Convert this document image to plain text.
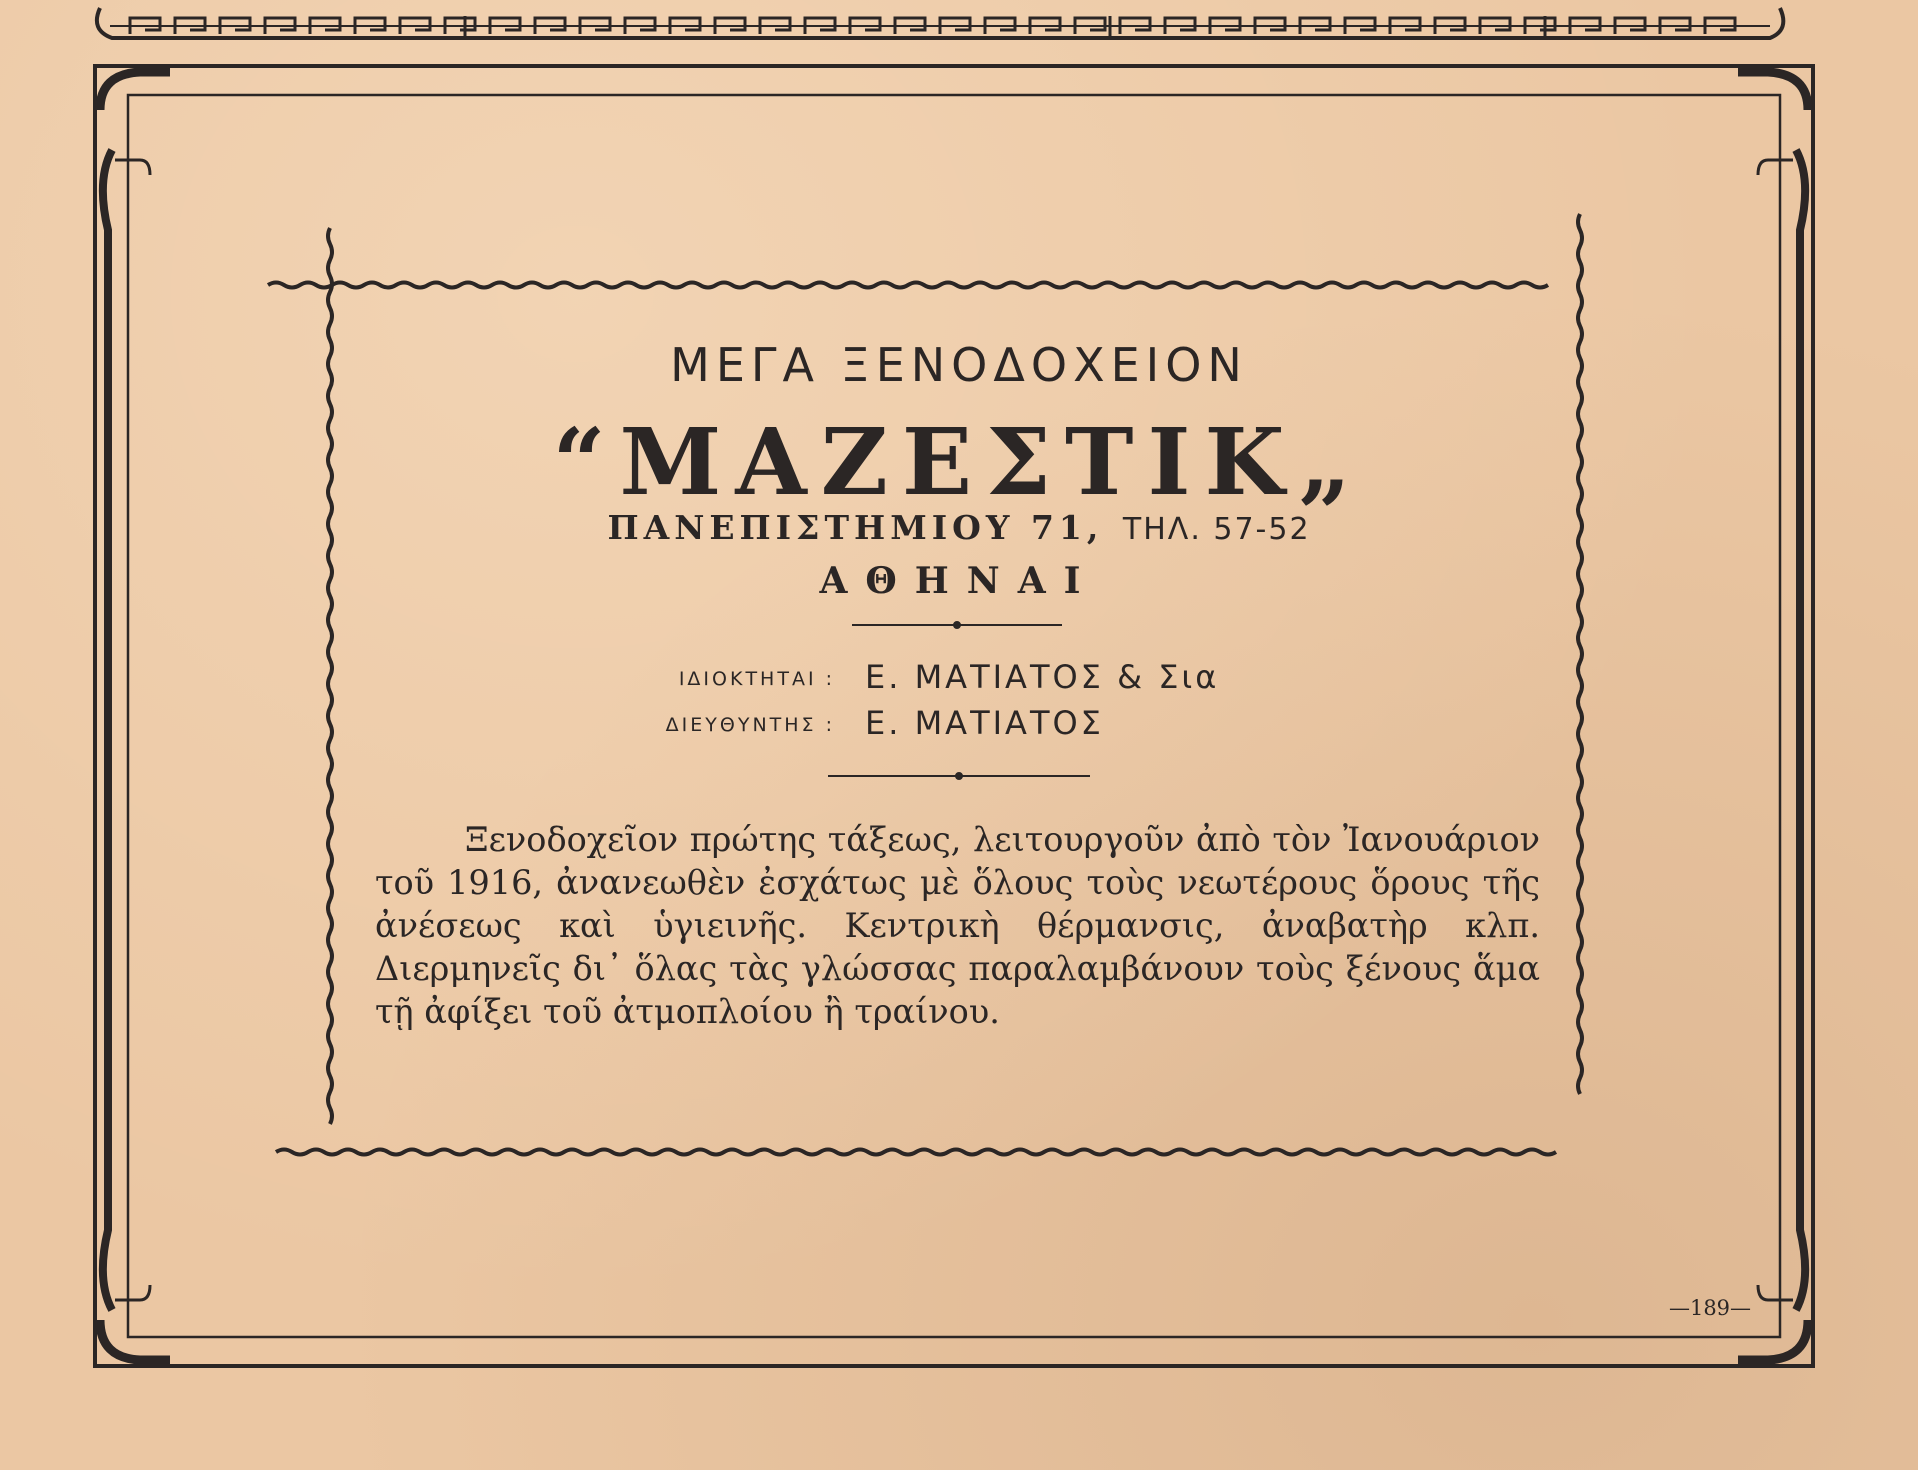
ΜΕΓΑ ΞΕΝΟΔΟΧΕΙΟΝ
“ΜΑΖΕΣΤΙΚ„
ΠΑΝΕΠΙΣΤΗΜΙΟΥ 71, ΤΗΛ. 57-52
ΑΘΗΝΑΙ
ΙΔΙΟΚΤΗΤΑΙ : Ε. ΜΑΤΙΑΤΟΣ & Σια
ΔΙΕΥΘΥΝΤΗΣ : Ε. ΜΑΤΙΑΤΟΣ
Ξενοδοχεῖον πρώτης τάξεως, λειτουργοῦν ἀπὸ τὸν Ἰανουάριον τοῦ 1916, ἀνανεωθὲν ἐσχάτως μὲ ὅλους τοὺς νεωτέρους ὅρους τῆς ἀνέσεως καὶ ὑγιεινῆς. Κεντρικὴ θέρμανσις, ἀναβατὴρ κλπ. Διερμηνεῖς δι᾽ ὅλας τὰς γλώσσας παραλαμβάνουν τοὺς ξένους ἅμα τῇ ἀφίξει τοῦ ἀτμοπλοίου ἢ τραίνου.
—189—
